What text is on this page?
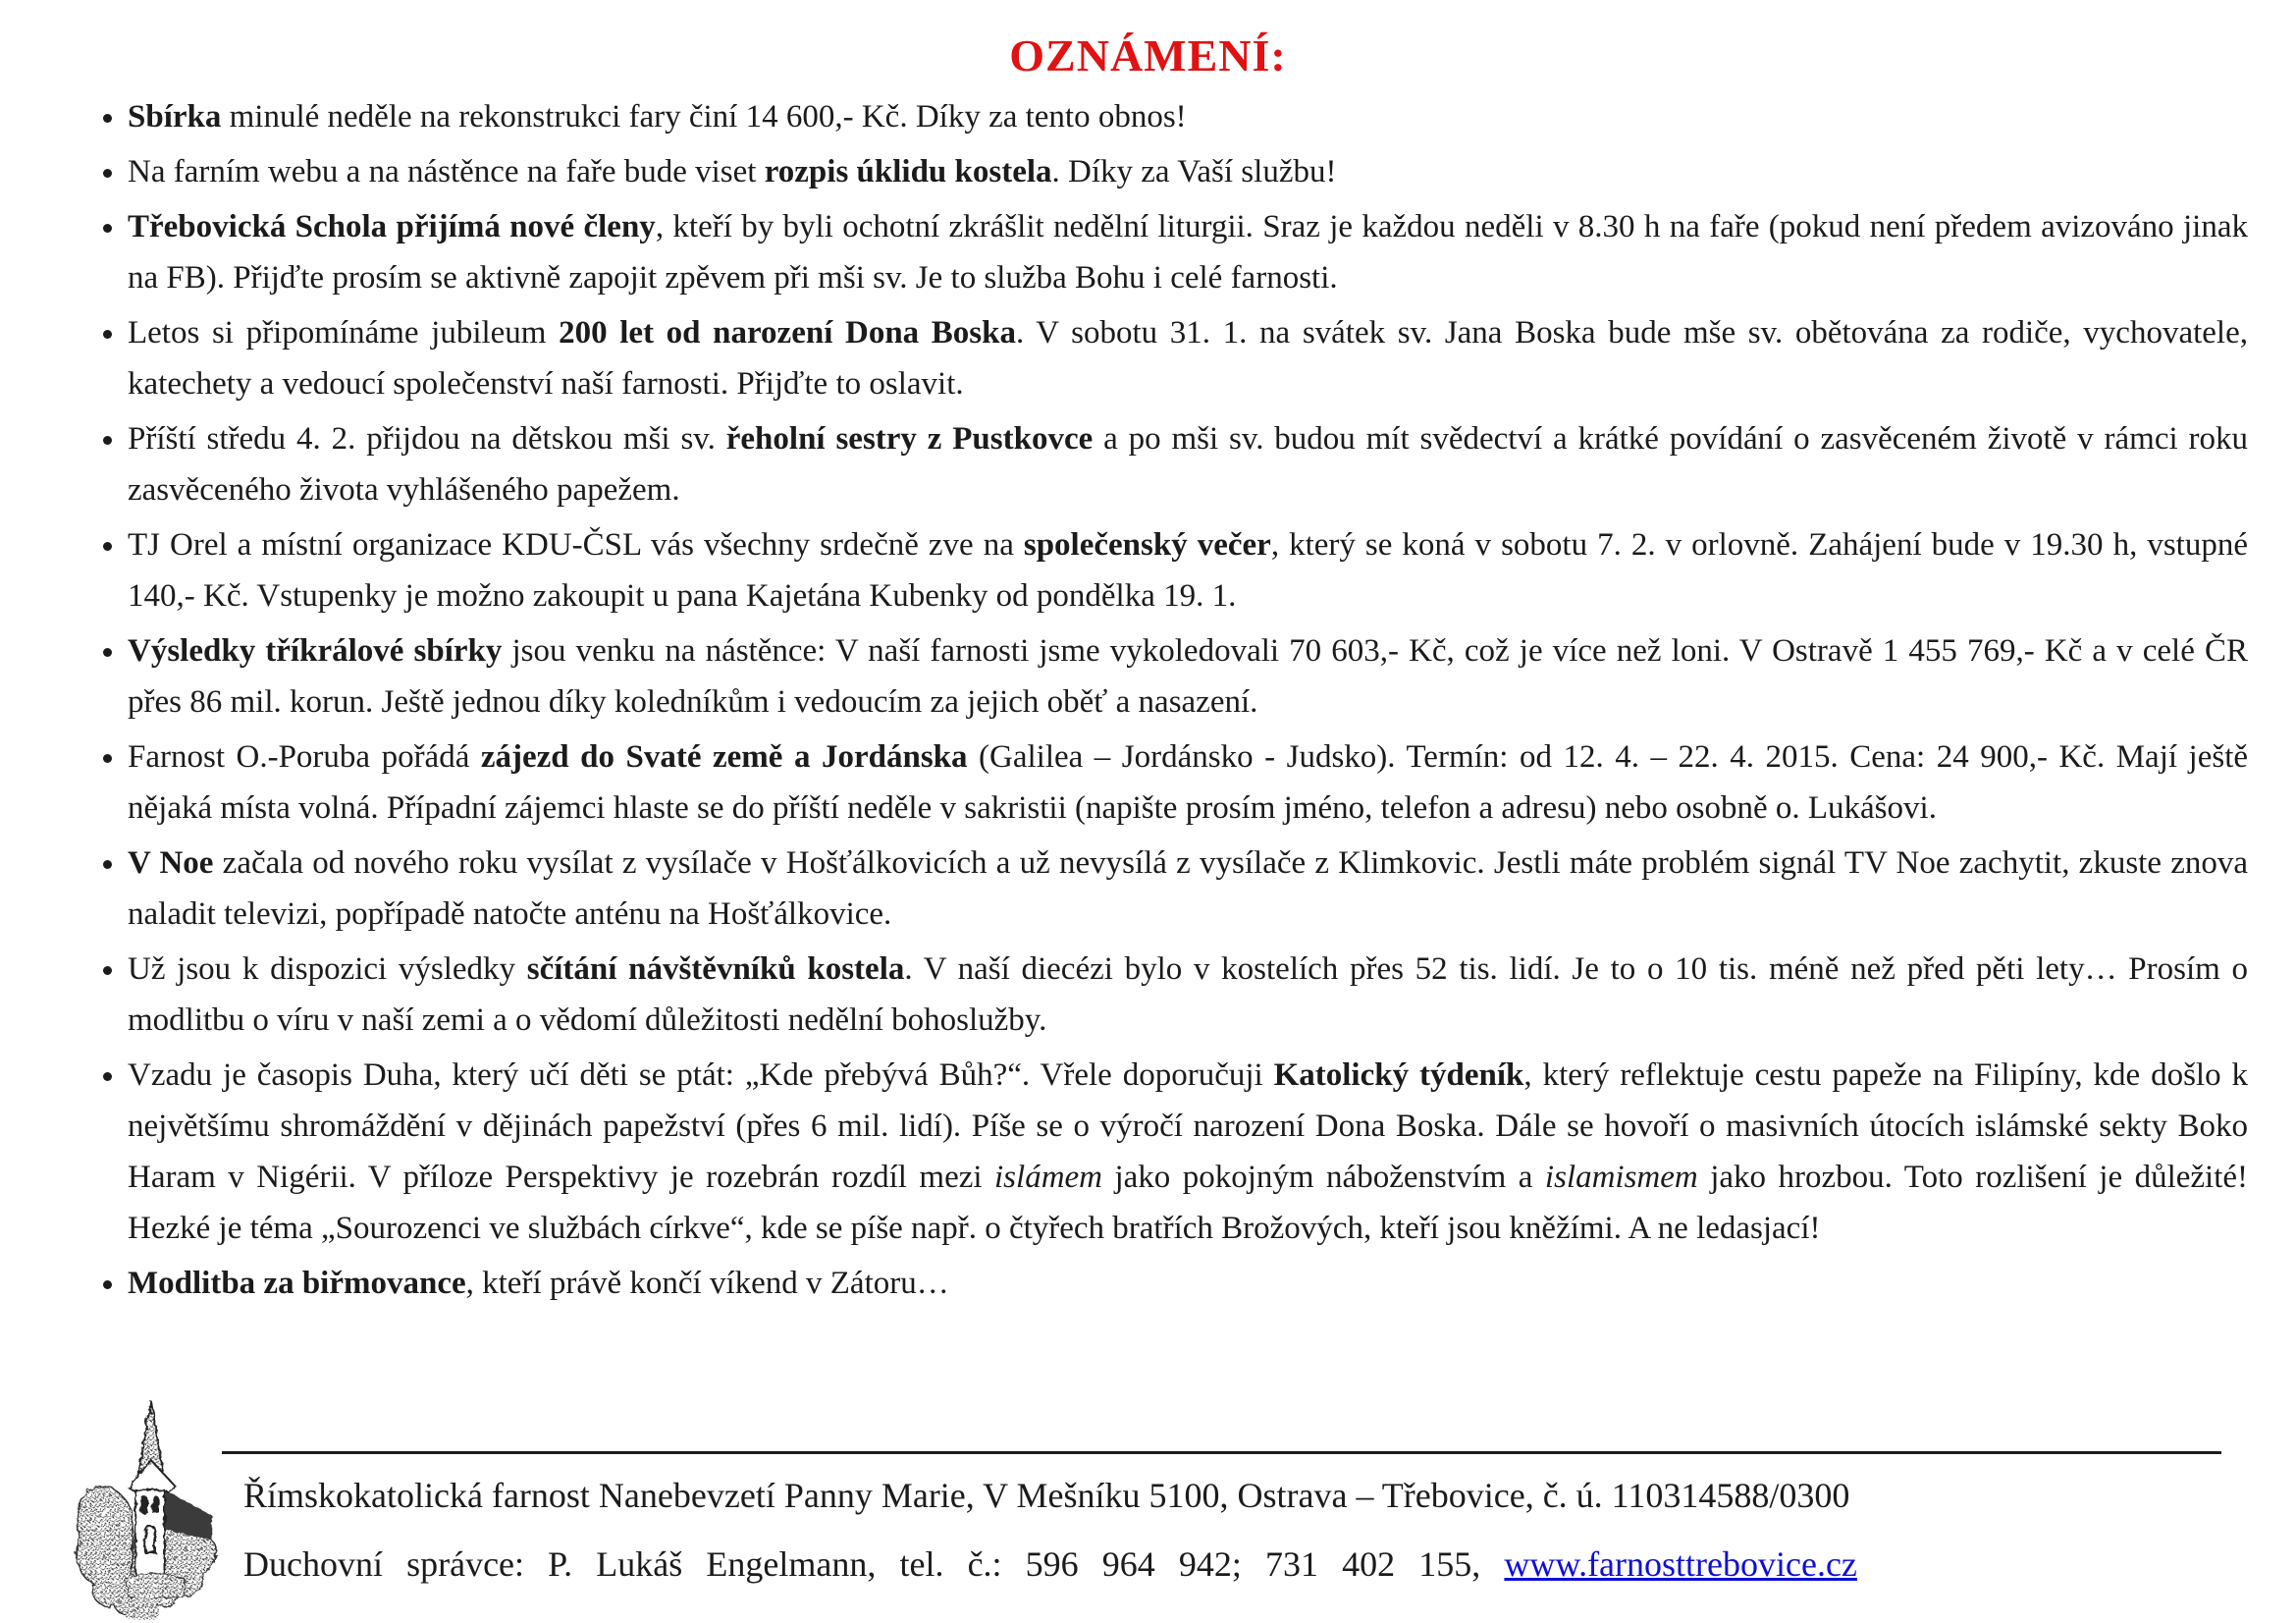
OZNÁMENÍ:
• Sbírka minulé neděle na rekonstrukci fary činí 14 600,- Kč. Díky za tento obnos!
• Na farním webu a na nástěnce na faře bude viset rozpis úklidu kostela. Díky za Vaší službu!
• Třebovická Schola přijímá nové členy, kteří by byli ochotní zkrášlit nedělní liturgii. Sraz je každou neděli v 8.30 h na faře (pokud není předem avizováno jinak na FB). Přijďte prosím se aktivně zapojit zpěvem při mši sv. Je to služba Bohu i celé farnosti.
• Letos si připomínáme jubileum 200 let od narození Dona Boska. V sobotu 31. 1. na svátek sv. Jana Boska bude mše sv. obětována za rodiče, vychovatele, katechety a vedoucí společenství naší farnosti. Přijďte to oslavit.
• Příští středu 4. 2. přijdou na dětskou mši sv. řeholní sestry z Pustkovce a po mši sv. budou mít svědectví a krátké povídání o zasvěceném životě v rámci roku zasvěceného života vyhlášeného papežem.
• TJ Orel a místní organizace KDU-ČSL vás všechny srdečně zve na společenský večer, který se koná v sobotu 7. 2. v orlovně. Zahájení bude v 19.30 h, vstupné 140,- Kč. Vstupenky je možno zakoupit u pana Kajetána Kubenky od pondělka 19. 1.
• Výsledky tříkrálové sbírky jsou venku na nástěnce: V naší farnosti jsme vykoledovali 70 603,- Kč, což je více než loni. V Ostravě 1 455 769,- Kč a v celé ČR přes 86 mil. korun. Ještě jednou díky koledníkům i vedoucím za jejich oběť a nasazení.
• Farnost O.-Poruba pořádá zájezd do Svaté země a Jordánska (Galilea – Jordánsko - Judsko). Termín: od 12. 4. – 22. 4. 2015. Cena: 24 900,- Kč. Mají ještě nějaká místa volná. Případní zájemci hlaste se do příští neděle v sakristii (napište prosím jméno, telefon a adresu) nebo osobně o. Lukášovi.
• V Noe začala od nového roku vysílat z vysílače v Hošťálkovicích a už nevysílá z vysílače z Klimkovic. Jestli máte problém signál TV Noe zachytit, zkuste znova naladit televizi, popřípadě natočte anténu na Hošťálkovice.
• Už jsou k dispozici výsledky sčítání návštěvníků kostela. V naší diecézi bylo v kostelích přes 52 tis. lidí. Je to o 10 tis. méně než před pěti lety… Prosím o modlitbu o víru v naší zemi a o vědomí důležitosti nedělní bohoslužby.
• Vzadu je časopis Duha, který učí děti se ptát: „Kde přebývá Bůh?“. Vřele doporučuji Katolický týdeník, který reflektuje cestu papeže na Filipíny, kde došlo k největšímu shromáždění v dějinách papežství (přes 6 mil. lidí). Píše se o výročí narození Dona Boska. Dále se hovoří o masivních útocích islámské sekty Boko Haram v Nigérii. V příloze Perspektivy je rozebrán rozdíl mezi islámem jako pokojným náboženstvím a islamismem jako hrozbou. Toto rozlišení je důležité! Hezké je téma „Sourozenci ve službách církve“, kde se píše např. o čtyřech bratřích Brožových, kteří jsou kněžími. A ne ledasjací!
• Modlitba za biřmovance, kteří právě končí víkend v Zátoru…

Římskokatolická farnost Nanebevzetí Panny Marie, V Mešníku 5100, Ostrava – Třebovice, č. ú. 110314588/0300

Duchovní správce: P. Lukáš Engelmann, tel. č.: 596 964 942; 731 402 155, www.farnosttrebovice.cz
